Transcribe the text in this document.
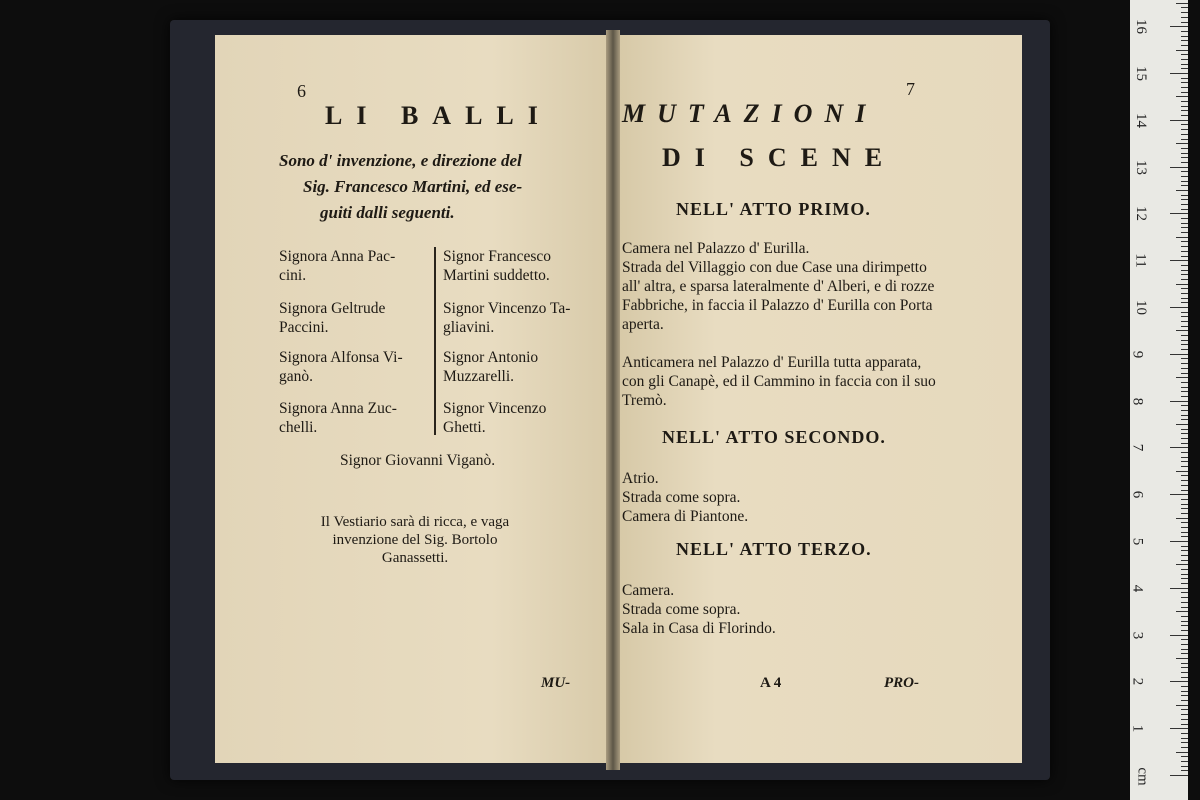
6
LI BALLI
Sono d' invenzione, e direzione del
Sig. Francesco Martini, ed ese-
guiti dalli seguenti.
Signora Anna Pac-
cini.
Signora Geltrude
Paccini.
Signora Alfonsa Vi-
ganò.
Signora Anna Zuc-
chelli.
Signor Francesco
Martini suddetto.
Signor Vincenzo Ta-
gliavini.
Signor Antonio
Muzzarelli.
Signor Vincenzo
Ghetti.
Signor Giovanni Viganò.
Il Vestiario sarà di ricca, e vaga
invenzione del Sig. Bortolo
Ganassetti.
MU-
MUTAZIONI
7
DI SCENE
NELL' ATTO PRIMO.
Camera nel Palazzo d' Eurilla.
Strada del Villaggio con due Case una dirimpetto all' altra, e sparsa lateralmente d' Alberi, e di rozze Fabbriche, in faccia il Palazzo d' Eurilla con Porta aperta.
Anticamera nel Palazzo d' Eurilla tutta apparata, con gli Canapè, ed il Cammino in faccia con il suo Tremò.
NELL' ATTO SECONDO.
Atrio.
Strada come sopra.
Camera di Piantone.
NELL' ATTO TERZO.
Camera.
Strada come sopra.
Sala in Casa di Florindo.
A 4	PRO-
cm
1
2
3
4
5
6
7
8
9
10
11
12
13
14
15
16
